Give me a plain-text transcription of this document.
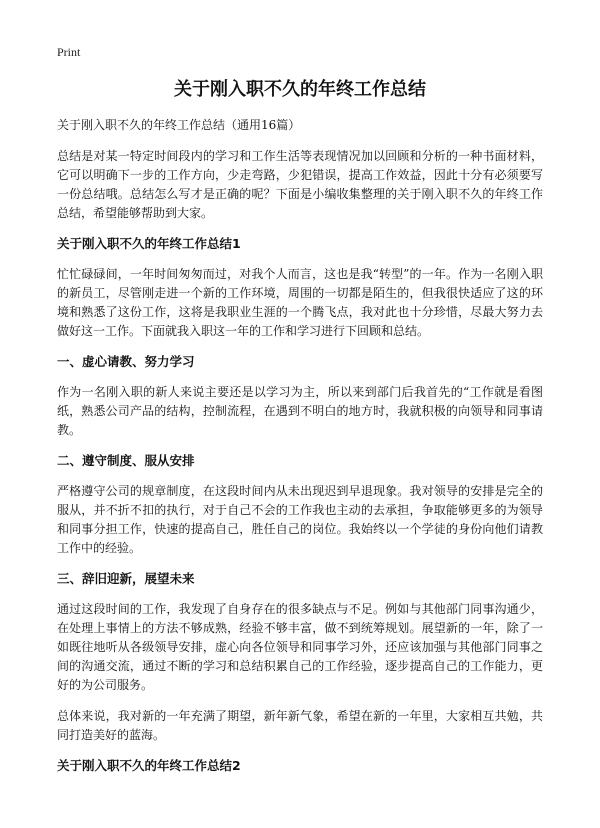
Print
关于刚入职不久的年终工作总结
关于刚入职不久的年终工作总结（通用16篇）

总结是对某一特定时间段内的学习和工作生活等表现情况加以回顾和分析的一种书面材料，它可以明确下一步的工作方向，少走弯路，少犯错误，提高工作效益，因此十分有必须要写一份总结哦。总结怎么写才是正确的呢？下面是小编收集整理的关于刚入职不久的年终工作总结，希望能够帮助到大家。

关于刚入职不久的年终工作总结1

忙忙碌碌间，一年时间匆匆而过，对我个人而言，这也是我“转型”的一年。作为一名刚入职的新员工，尽管刚走进一个新的工作环境，周围的一切都是陌生的，但我很快适应了这的环境和熟悉了这份工作，这将是我职业生涯的一个腾飞点，我对此也十分珍惜，尽最大努力去做好这一工作。下面就我入职这一年的工作和学习进行下回顾和总结。

一、虚心请教、努力学习

作为一名刚入职的新人来说主要还是以学习为主，所以来到部门后我首先的“工作就是看图纸，熟悉公司产品的结构，控制流程，在遇到不明白的地方时，我就积极的向领导和同事请教。

二、遵守制度、服从安排

严格遵守公司的规章制度，在这段时间内从未出现迟到早退现象。我对领导的安排是完全的服从，并不折不扣的执行，对于自己不会的工作我也主动的去承担，争取能够更多的为领导和同事分担工作，快速的提高自己，胜任自己的岗位。我始终以一个学徒的身份向他们请教工作中的经验。

三、辞旧迎新，展望未来

通过这段时间的工作，我发现了自身存在的很多缺点与不足。例如与其他部门同事沟通少，在处理上事情上的方法不够成熟，经验不够丰富，做不到统筹规划。展望新的一年，除了一如既往地听从各级领导安排，虚心向各位领导和同事学习外，还应该加强与其他部门同事之间的沟通交流，通过不断的学习和总结积累自己的工作经验，逐步提高自己的工作能力，更好的为公司服务。

总体来说，我对新的一年充满了期望，新年新气象，希望在新的一年里，大家相互共勉，共同打造美好的蓝海。

关于刚入职不久的年终工作总结2
